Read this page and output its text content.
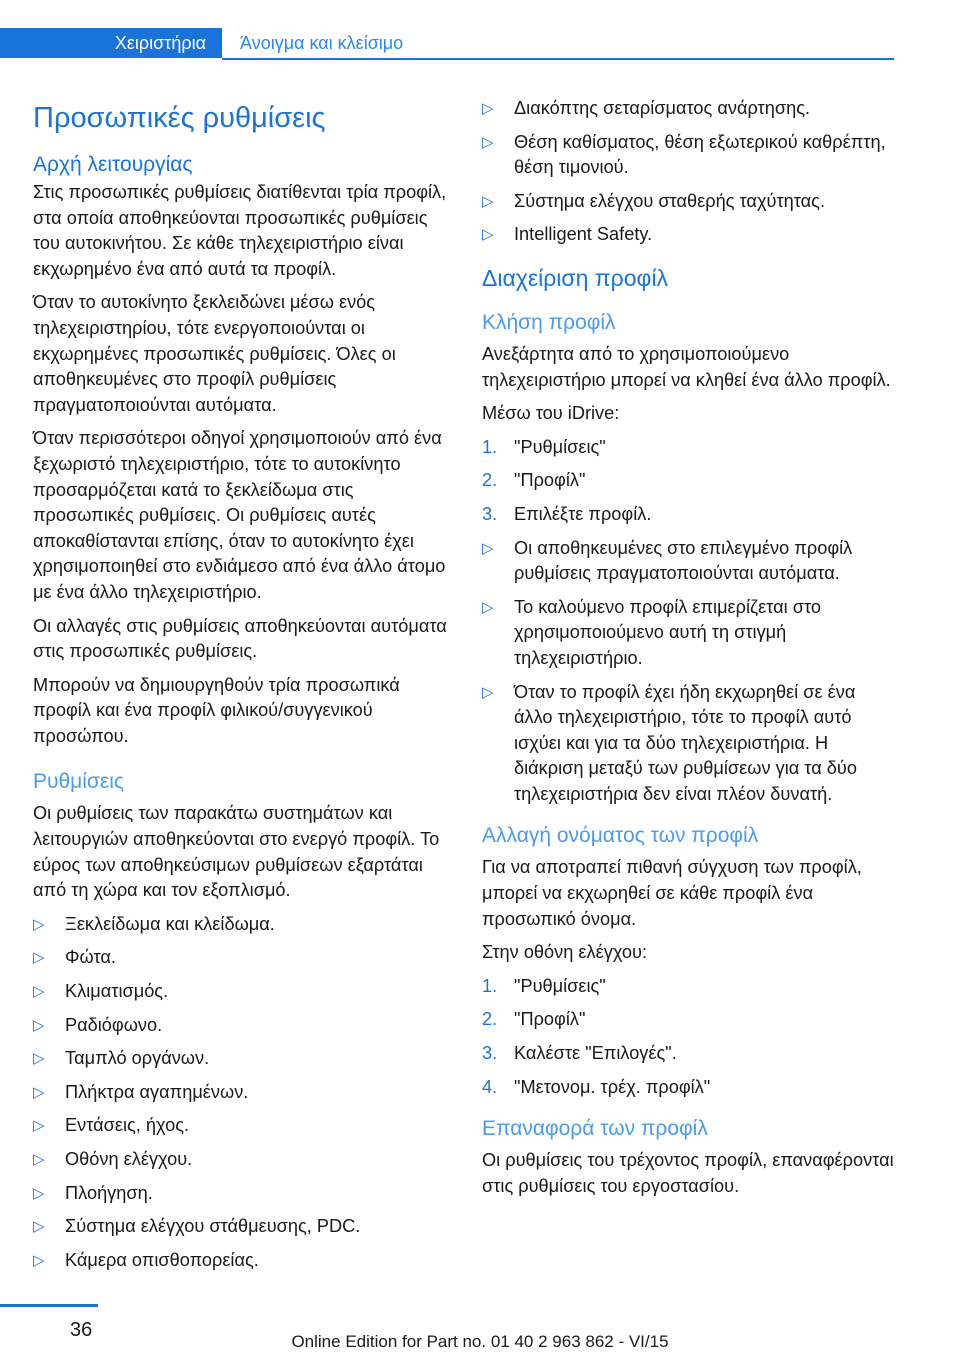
Χειριστήρια	Άνοιγμα και κλείσιμο
Προσωπικές ρυθμίσεις
Αρχή λειτουργίας

Στις προσωπικές ρυθμίσεις διατίθενται τρία προφίλ, στα οποία αποθηκεύονται προσωπικές ρυθμίσεις του αυτοκινήτου. Σε κάθε τηλεχειριστήριο είναι εκχωρημένο ένα από αυτά τα προφίλ.

Όταν το αυτοκίνητο ξεκλειδώνει μέσω ενός τηλεχειριστηρίου, τότε ενεργοποιούνται οι εκχωρημένες προσωπικές ρυθμίσεις. Όλες οι αποθηκευμένες στο προφίλ ρυθμίσεις πραγματοποιούνται αυτόματα.

Όταν περισσότεροι οδηγοί χρησιμοποιούν από ένα ξεχωριστό τηλεχειριστήριο, τότε το αυτοκίνητο προσαρμόζεται κατά το ξεκλείδωμα στις προσωπικές ρυθμίσεις. Οι ρυθμίσεις αυτές αποκαθίστανται επίσης, όταν το αυτοκίνητο έχει χρησιμοποιηθεί στο ενδιάμεσο από ένα άλλο άτομο με ένα άλλο τηλεχειριστήριο.

Οι αλλαγές στις ρυθμίσεις αποθηκεύονται αυτόματα στις προσωπικές ρυθμίσεις.

Μπορούν να δημιουργηθούν τρία προσωπικά προφίλ και ένα προφίλ φιλικού/συγγενικού προσώπου.

Ρυθμίσεις

Οι ρυθμίσεις των παρακάτω συστημάτων και λειτουργιών αποθηκεύονται στο ενεργό προφίλ. Το εύρος των αποθηκεύσιμων ρυθμίσεων εξαρτάται από τη χώρα και τον εξοπλισμό.

▷ Ξεκλείδωμα και κλείδωμα.
▷ Φώτα.
▷ Κλιματισμός.
▷ Ραδιόφωνο.
▷ Ταμπλό οργάνων.
▷ Πλήκτρα αγαπημένων.
▷ Εντάσεις, ήχος.
▷ Οθόνη ελέγχου.
▷ Πλοήγηση.
▷ Σύστημα ελέγχου στάθμευσης, PDC.
▷ Κάμερα οπισθοπορείας.
▷ Διακόπτης σεταρίσματος ανάρτησης.
▷ Θέση καθίσματος, θέση εξωτερικού καθρέπτη, θέση τιμονιού.
▷ Σύστημα ελέγχου σταθερής ταχύτητας.
▷ Intelligent Safety.
Διαχείριση προφίλ
Κλήση προφίλ

Ανεξάρτητα από το χρησιμοποιούμενο τηλεχειριστήριο μπορεί να κληθεί ένα άλλο προφίλ.

Μέσω του iDrive:

1. "Ρυθμίσεις"
2. "Προφίλ"
3. Επιλέξτε προφίλ.
▷ Οι αποθηκευμένες στο επιλεγμένο προφίλ ρυθμίσεις πραγματοποιούνται αυτόματα.
▷ Το καλούμενο προφίλ επιμερίζεται στο χρησιμοποιούμενο αυτή τη στιγμή τηλεχειριστήριο.
▷ Όταν το προφίλ έχει ήδη εκχωρηθεί σε ένα άλλο τηλεχειριστήριο, τότε το προφίλ αυτό ισχύει και για τα δύο τηλεχειριστήρια. Η διάκριση μεταξύ των ρυθμίσεων για τα δύο τηλεχειριστήρια δεν είναι πλέον δυνατή.
Αλλαγή ονόματος των προφίλ

Για να αποτραπεί πιθανή σύγχυση των προφίλ, μπορεί να εκχωρηθεί σε κάθε προφίλ ένα προσωπικό όνομα.

Στην οθόνη ελέγχου:

1. "Ρυθμίσεις"
2. "Προφίλ"
3. Καλέστε "Επιλογές".
4. "Μετονομ. τρέχ. προφίλ"
Επαναφορά των προφίλ

Οι ρυθμίσεις του τρέχοντος προφίλ, επαναφέρονται στις ρυθμίσεις του εργοστασίου.

36
Online Edition for Part no. 01 40 2 963 862 - VI/15
